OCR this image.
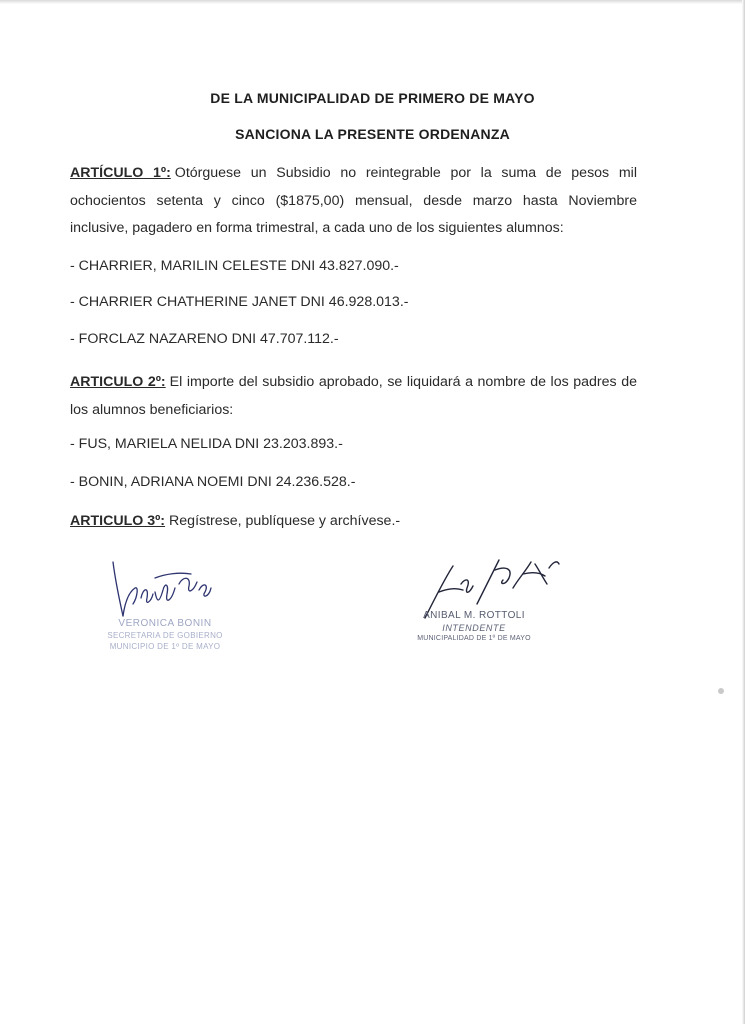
DE LA MUNICIPALIDAD DE PRIMERO DE MAYO
SANCIONA LA PRESENTE ORDENANZA
ARTÍCULO 1º: Otórguese un Subsidio no reintegrable por la suma de pesos mil ochocientos setenta y cinco ($1875,00) mensual, desde marzo hasta Noviembre inclusive, pagadero en forma trimestral, a cada uno de los siguientes alumnos:
- CHARRIER, MARILIN CELESTE DNI 43.827.090.-
- CHARRIER CHATHERINE JANET DNI 46.928.013.-
- FORCLAZ NAZARENO DNI 47.707.112.-
ARTICULO 2º: El importe del subsidio aprobado, se liquidará a nombre de los padres de los alumnos beneficiarios:
- FUS, MARIELA NELIDA DNI 23.203.893.-
- BONIN, ADRIANA NOEMI DNI 24.236.528.-
ARTICULO 3º: Regístrese, publíquese y archívese.-
VERONICA BONIN
SECRETARIA DE GOBIERNO
MUNICIPIO DE 1º DE MAYO
ANIBAL M. ROTTOLI
INTENDENTE
MUNICIPALIDAD DE 1º DE MAYO
